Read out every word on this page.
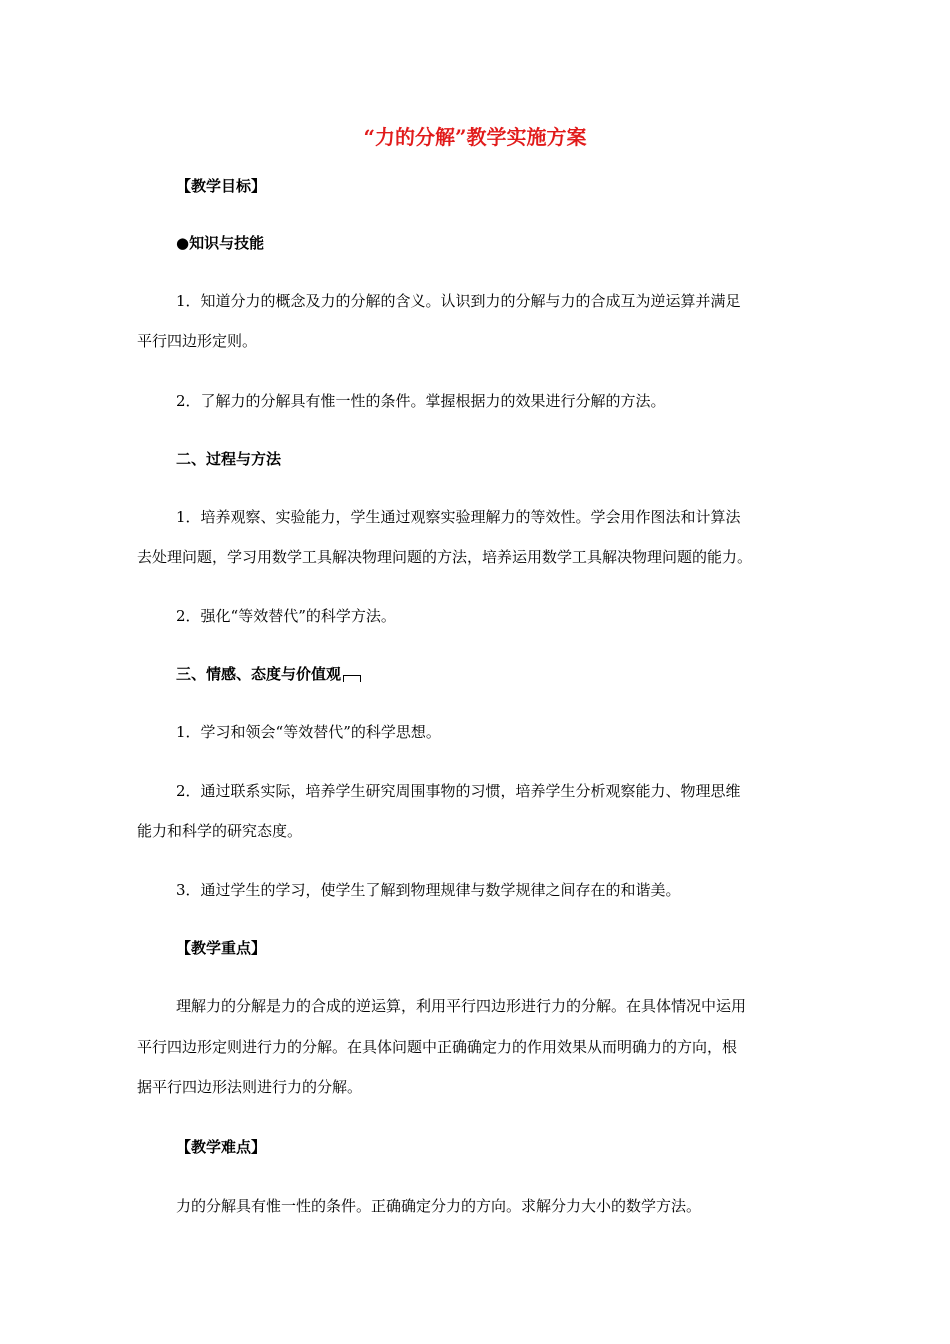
“力的分解”教学实施方案
【教学目标】
●知识与技能
1．知道分力的概念及力的分解的含义。认识到力的分解与力的合成互为逆运算并满足
平行四边形定则。
2．了解力的分解具有惟一性的条件。掌握根据力的效果进行分解的方法。
二、过程与方法
1．培养观察、实验能力，学生通过观察实验理解力的等效性。学会用作图法和计算法
去处理问题，学习用数学工具解决物理问题的方法，培养运用数学工具解决物理问题的能力。
2．强化“等效替代”的科学方法。
三、情感、态度与价值观
1．学习和领会“等效替代”的科学思想。
2．通过联系实际，培养学生研究周围事物的习惯，培养学生分析观察能力、物理思维
能力和科学的研究态度。
3．通过学生的学习，使学生了解到物理规律与数学规律之间存在的和谐美。
【教学重点】
理解力的分解是力的合成的逆运算，利用平行四边形进行力的分解。在具体情况中运用
平行四边形定则进行力的分解。在具体问题中正确确定力的作用效果从而明确力的方向，根
据平行四边形法则进行力的分解。
【教学难点】
力的分解具有惟一性的条件。正确确定分力的方向。求解分力大小的数学方法。
